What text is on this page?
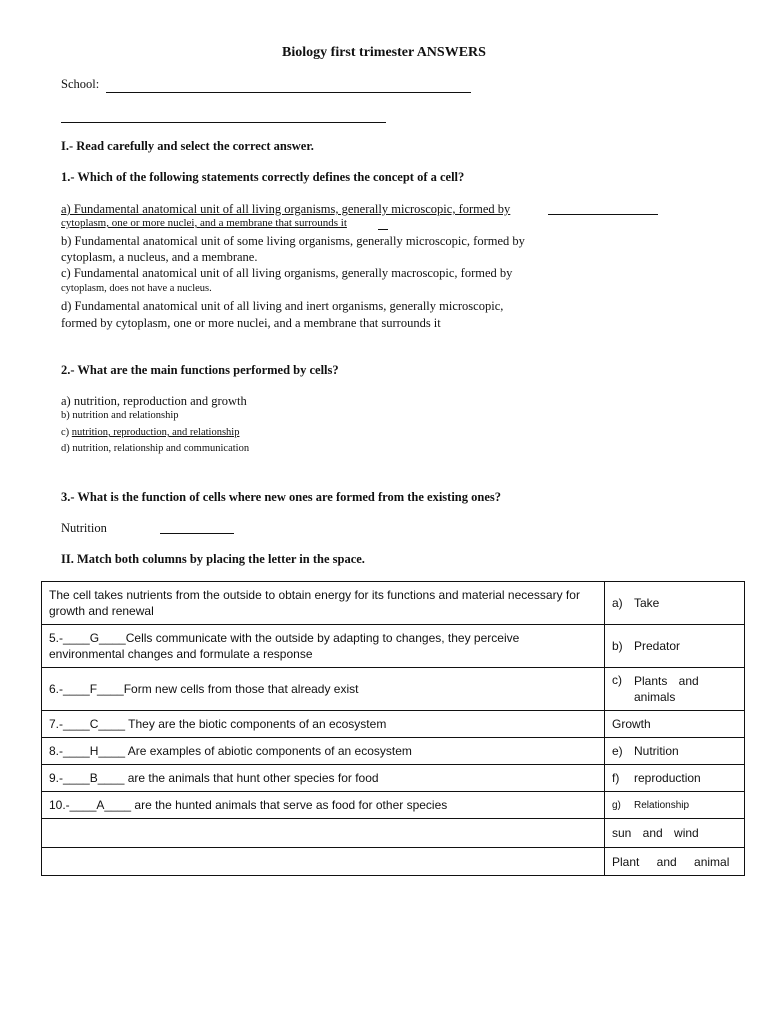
Biology first trimester ANSWERS
School:
I.- Read carefully and select the correct answer.
1.- Which of the following statements correctly defines the concept of a cell?
a) Fundamental anatomical unit of all living organisms, generally microscopic, formed by
cytoplasm, one or more nuclei, and a membrane that surrounds it
b) Fundamental anatomical unit of some living organisms, generally microscopic, formed by
cytoplasm, a nucleus, and a membrane.
c) Fundamental anatomical unit of all living organisms, generally macroscopic, formed by
cytoplasm, does not have a nucleus.
d) Fundamental anatomical unit of all living and inert organisms, generally microscopic,
formed by cytoplasm, one or more nuclei, and a membrane that surrounds it
2.- What are the main functions performed by cells?
a) nutrition, reproduction and growth
b) nutrition and relationship
c) nutrition, reproduction, and relationship
d) nutrition, relationship and communication
3.- What is the function of cells where new ones are formed from the existing ones?
Nutrition
II. Match both columns by placing the letter in the space.
The cell takes nutrients from the outside to obtain energy for its functions and material necessary for growth and renewal	a) Take

5.-____G____Cells communicate with the outside by adapting to changes, they perceive environmental changes and formulate a response	b) Predator

6.-____F____Form new cells from those that already exist	c) Plants and animals

7.-____C____ They are the biotic components of an ecosystem	Growth
8.-____H____ Are examples of abiotic components of an ecosystem	e) Nutrition

9.-____B____ are the animals that hunt other species for food	f) reproduction

10.-____A____ are the hunted animals that serve as food for other species	g) Relationship

	sun and wind
	Plant and animal
